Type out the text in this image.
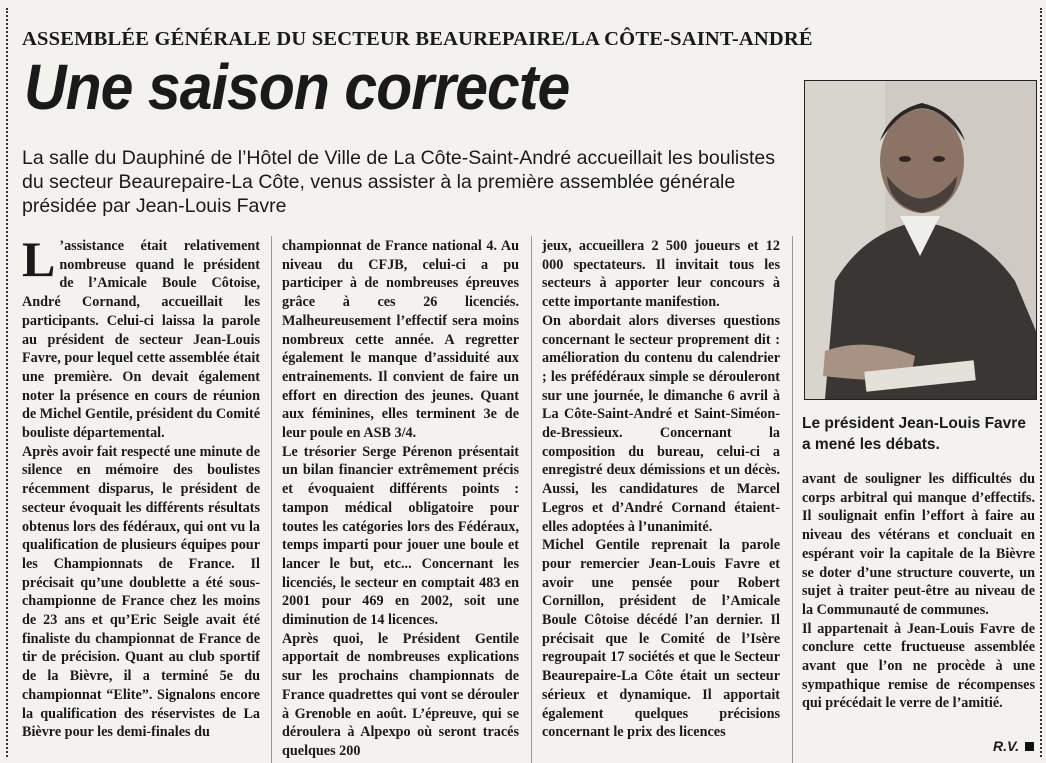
ASSEMBLÉE GÉNÉRALE DU SECTEUR BEAUREPAIRE/LA CÔTE-SAINT-ANDRÉ
Une saison correcte
La salle du Dauphiné de l’Hôtel de Ville de La Côte-Saint-André accueillait les boulistes du secteur Beaurepaire-La Côte, venus assister à la première assemblée générale présidée par Jean-Louis Favre

L ’assistance était relativement nombreuse quand le président de l’Amicale Boule Côtoise, André Cornand, accueillait les participants. Celui-ci laissa la parole au président de secteur Jean-Louis Favre, pour lequel cette assemblée était une première. On devait également noter la présence en cours de réunion de Michel Gentile, président du Comité bouliste départemental.

Après avoir fait respecté une minute de silence en mémoire des boulistes récemment disparus, le président de secteur évoquait les différents résultats obtenus lors des fédéraux, qui ont vu la qualification de plusieurs équipes pour les Championnats de France. Il précisait qu’une doublette a été sous-championne de France chez les moins de 23 ans et qu’Eric Seigle avait été finaliste du championnat de France de tir de précision. Quant au club sportif de la Bièvre, il a terminé 5e du championnat “Elite”. Signalons encore la qualification des réservistes de La Bièvre pour les demi-finales du

championnat de France national 4. Au niveau du CFJB, celui-ci a pu participer à de nombreuses épreuves grâce à ces 26 licenciés. Malheureusement l’effectif sera moins nombreux cette année. A regretter également le manque d’assiduité aux entrainements. Il convient de faire un effort en direction des jeunes. Quant aux féminines, elles terminent 3e de leur poule en ASB 3/4.

Le trésorier Serge Pérenon présentait un bilan financier extrêmement précis et évoquaient différents points : tampon médical obligatoire pour toutes les catégories lors des Fédéraux, temps imparti pour jouer une boule et lancer le but, etc... Concernant les licenciés, le secteur en comptait 483 en 2001 pour 469 en 2002, soit une diminution de 14 licences.

Après quoi, le Président Gentile apportait de nombreuses explications sur les prochains championnats de France quadrettes qui vont se dérouler à Grenoble en août. L’épreuve, qui se déroulera à Alpexpo où seront tracés quelques 200

jeux, accueillera 2 500 joueurs et 12 000 spectateurs. Il invitait tous les secteurs à apporter leur concours à cette importante manifestion.

On abordait alors diverses questions concernant le secteur proprement dit : amélioration du contenu du calendrier ; les préfédéraux simple se dérouleront sur une journée, le dimanche 6 avril à La Côte-Saint-André et Saint-Siméon-de-Bressieux. Concernant la composition du bureau, celui-ci a enregistré deux démissions et un décès. Aussi, les candidatures de Marcel Legros et d’André Cornand étaient-elles adoptées à l’unanimité.

Michel Gentile reprenait la parole pour remercier Jean-Louis Favre et avoir une pensée pour Robert Cornillon, président de l’Amicale Boule Côtoise décédé l’an dernier. Il précisait que le Comité de l’Isère regroupait 17 sociétés et que le Secteur Beaurepaire-La Côte était un secteur sérieux et dynamique. Il apportait également quelques précisions concernant le prix des licences

Le président Jean-Louis Favre a mené les débats.

avant de souligner les difficultés du corps arbitral qui manque d’effectifs. Il soulignait enfin l’effort à faire au niveau des vétérans et concluait en espérant voir la capitale de la Bièvre se doter d’une structure couverte, un sujet à traiter peut-être au niveau de la Communauté de communes.

Il appartenait à Jean-Louis Favre de conclure cette fructueuse assemblée avant que l’on ne procède à une sympathique remise de récompenses qui précédait le verre de l’amitié.

R.V.
